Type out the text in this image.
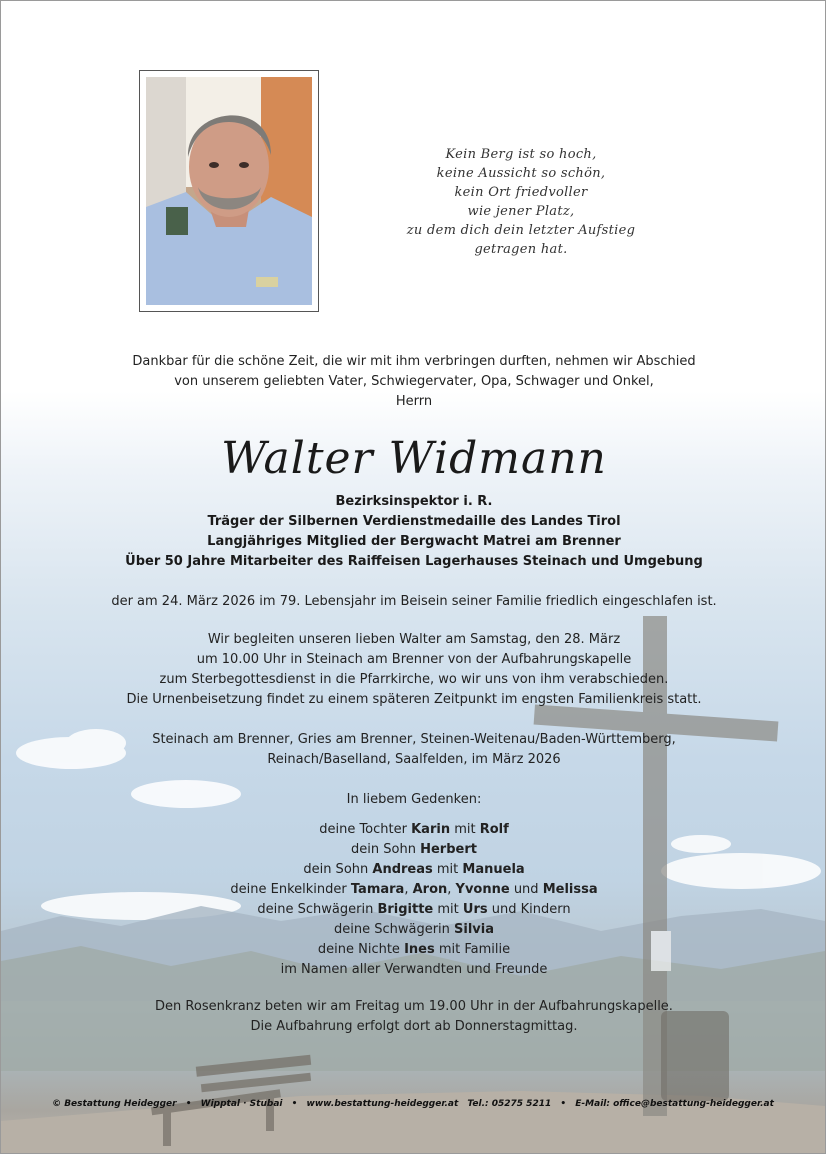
Kein Berg ist so hoch,
keine Aussicht so schön,
kein Ort friedvoller
wie jener Platz,
zu dem dich dein letzter Aufstieg
getragen hat.
Dankbar für die schöne Zeit, die wir mit ihm verbringen durften, nehmen wir Abschied
von unserem geliebten Vater, Schwiegervater, Opa, Schwager und Onkel,
Herrn
Walter Widmann
Bezirksinspektor i. R.
Träger der Silbernen Verdienstmedaille des Landes Tirol
Langjähriges Mitglied der Bergwacht Matrei am Brenner
Über 50 Jahre Mitarbeiter des Raiffeisen Lagerhauses Steinach und Umgebung
der am 24. März 2026 im 79. Lebensjahr im Beisein seiner Familie friedlich eingeschlafen ist.
Wir begleiten unseren lieben Walter am Samstag, den 28. März
um 10.00 Uhr in Steinach am Brenner von der Aufbahrungskapelle
zum Sterbegottesdienst in die Pfarrkirche, wo wir uns von ihm verabschieden.
Die Urnenbeisetzung findet zu einem späteren Zeitpunkt im engsten Familienkreis statt.
Steinach am Brenner, Gries am Brenner, Steinen-Weitenau/Baden-Württemberg,
Reinach/Baselland, Saalfelden, im März 2026
In liebem Gedenken:
deine Tochter Karin mit Rolf
dein Sohn Herbert
dein Sohn Andreas mit Manuela
deine Enkelkinder Tamara, Aron, Yvonne und Melissa
deine Schwägerin Brigitte mit Urs und Kindern
deine Schwägerin Silvia
deine Nichte Ines mit Familie
im Namen aller Verwandten und Freunde
Den Rosenkranz beten wir am Freitag um 19.00 Uhr in der Aufbahrungskapelle.
Die Aufbahrung erfolgt dort ab Donnerstagmittag.
© Bestattung Heidegger • Wipptal · Stubai • www.bestattung-heidegger.at Tel.: 05275 5211 • E-Mail: office@bestattung-heidegger.at
